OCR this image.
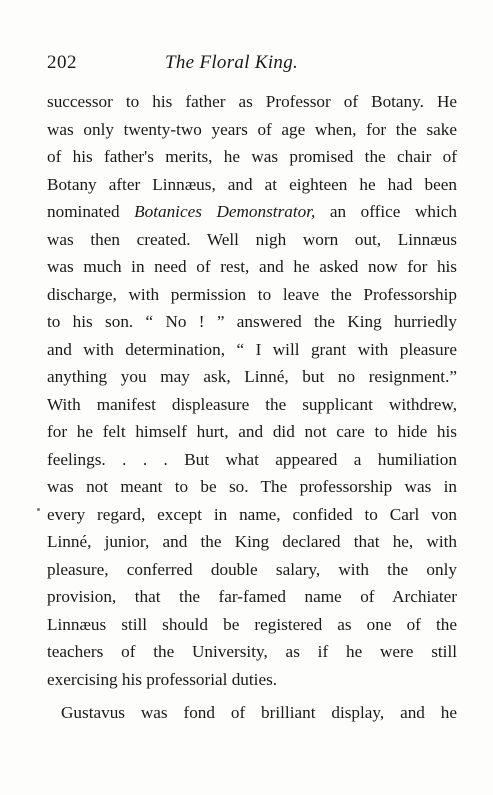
202	The Floral King.
successor to his father as Professor of Botany. He
was only twenty-two years of age when, for the sake
of his father's merits, he was promised the chair of
Botany after Linnæus, and at eighteen he had been
nominated Botanices Demonstrator, an office which
was then created. Well nigh worn out, Linnæus
was much in need of rest, and he asked now for his
discharge, with permission to leave the Professorship
to his son. “ No ! ” answered the King hurriedly
and with determination, “ I will grant with pleasure
anything you may ask, Linné, but no resignment.”
With manifest displeasure the supplicant withdrew,
for he felt himself hurt, and did not care to hide his
feelings. . . . But what appeared a humiliation
was not meant to be so. The professorship was in
every regard, except in name, confided to Carl von
Linné, junior, and the King declared that he, with
pleasure, conferred double salary, with the only
provision, that the far-famed name of Archiater
Linnæus still should be registered as one of the
teachers of the University, as if he were still
exercising his professorial duties.
Gustavus was fond of brilliant display, and he
